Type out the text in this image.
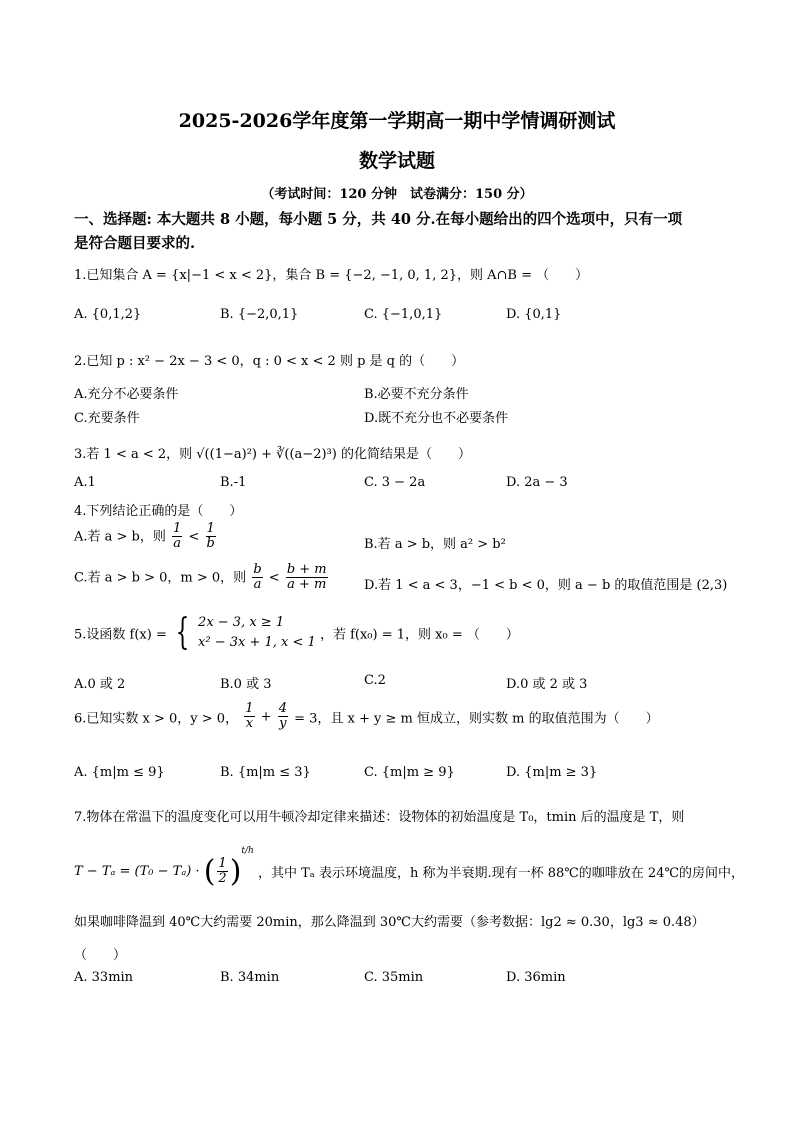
2025-2026学年度第一学期高一期中学情调研测试
数学试题
（考试时间：120 分钟　试卷满分：150 分）
一、选择题: 本大题共 8 小题，每小题 5 分，共 40 分.在每小题给出的四个选项中，只有一项
是符合题目要求的.
1.已知集合 A = {x|−1 < x < 2}，集合 B = {−2, −1, 0, 1, 2}，则 A∩B = （　　）
A. {0,1,2}	B. {−2,0,1}	C. {−1,0,1}	D. {0,1}
2.已知 p : x² − 2x − 3 < 0，q : 0 < x < 2 则 p 是 q 的（　　）
A.充分不必要条件	B.必要不充分条件
C.充要条件	D.既不充分也不必要条件
3.若 1 < a < 2，则 √((1−a)²) + ∛((a−2)³) 的化简结果是（　　）
A.1	B.-1	C. 3 − 2a	D. 2a − 3
4.下列结论正确的是（　　）
A.若 a > b，则 $\frac{1}{a} < \frac{1}{b}$	B.若 a > b，则 a² > b²
C.若 a > b > 0，m > 0，则 $\frac{b}{a} < \frac{b + m}{a + m}$	D.若 1 < a < 3，−1 < b < 0，则 a − b 的取值范围是 (2,3)
5.设函数 f(x) = { 2x − 3, x ≥ 1
x² − 3x + 1, x < 1 ，若 f(x₀) = 1，则 x₀ = （　　）
A.0 或 2	B.0 或 3	C.2	D.0 或 2 或 3
6.已知实数 x > 0，y > 0， $\frac{1}{x} + \frac{4}{y} = 3$，且 x + y ≥ m 恒成立，则实数 m 的取值范围为（　　）
A. {m|m ≤ 9}	B. {m|m ≤ 3}	C. {m|m ≥ 9}	D. {m|m ≥ 3}
7.物体在常温下的温度变化可以用牛顿冷却定律来描述：设物体的初始温度是 T₀，tmin 后的温度是 T，则
T − Tₐ = (T₀ − Tₐ) · ( $\frac{1}{2} )^{t/h}$ ，其中 Tₐ 表示环境温度，h 称为半衰期.现有一杯 88℃的咖啡放在 24℃的房间中，
如果咖啡降温到 40℃大约需要 20min，那么降温到 30℃大约需要（参考数据：lg2 ≈ 0.30，lg3 ≈ 0.48）
（　　）
A. 33min	B. 34min	C. 35min	D. 36min
